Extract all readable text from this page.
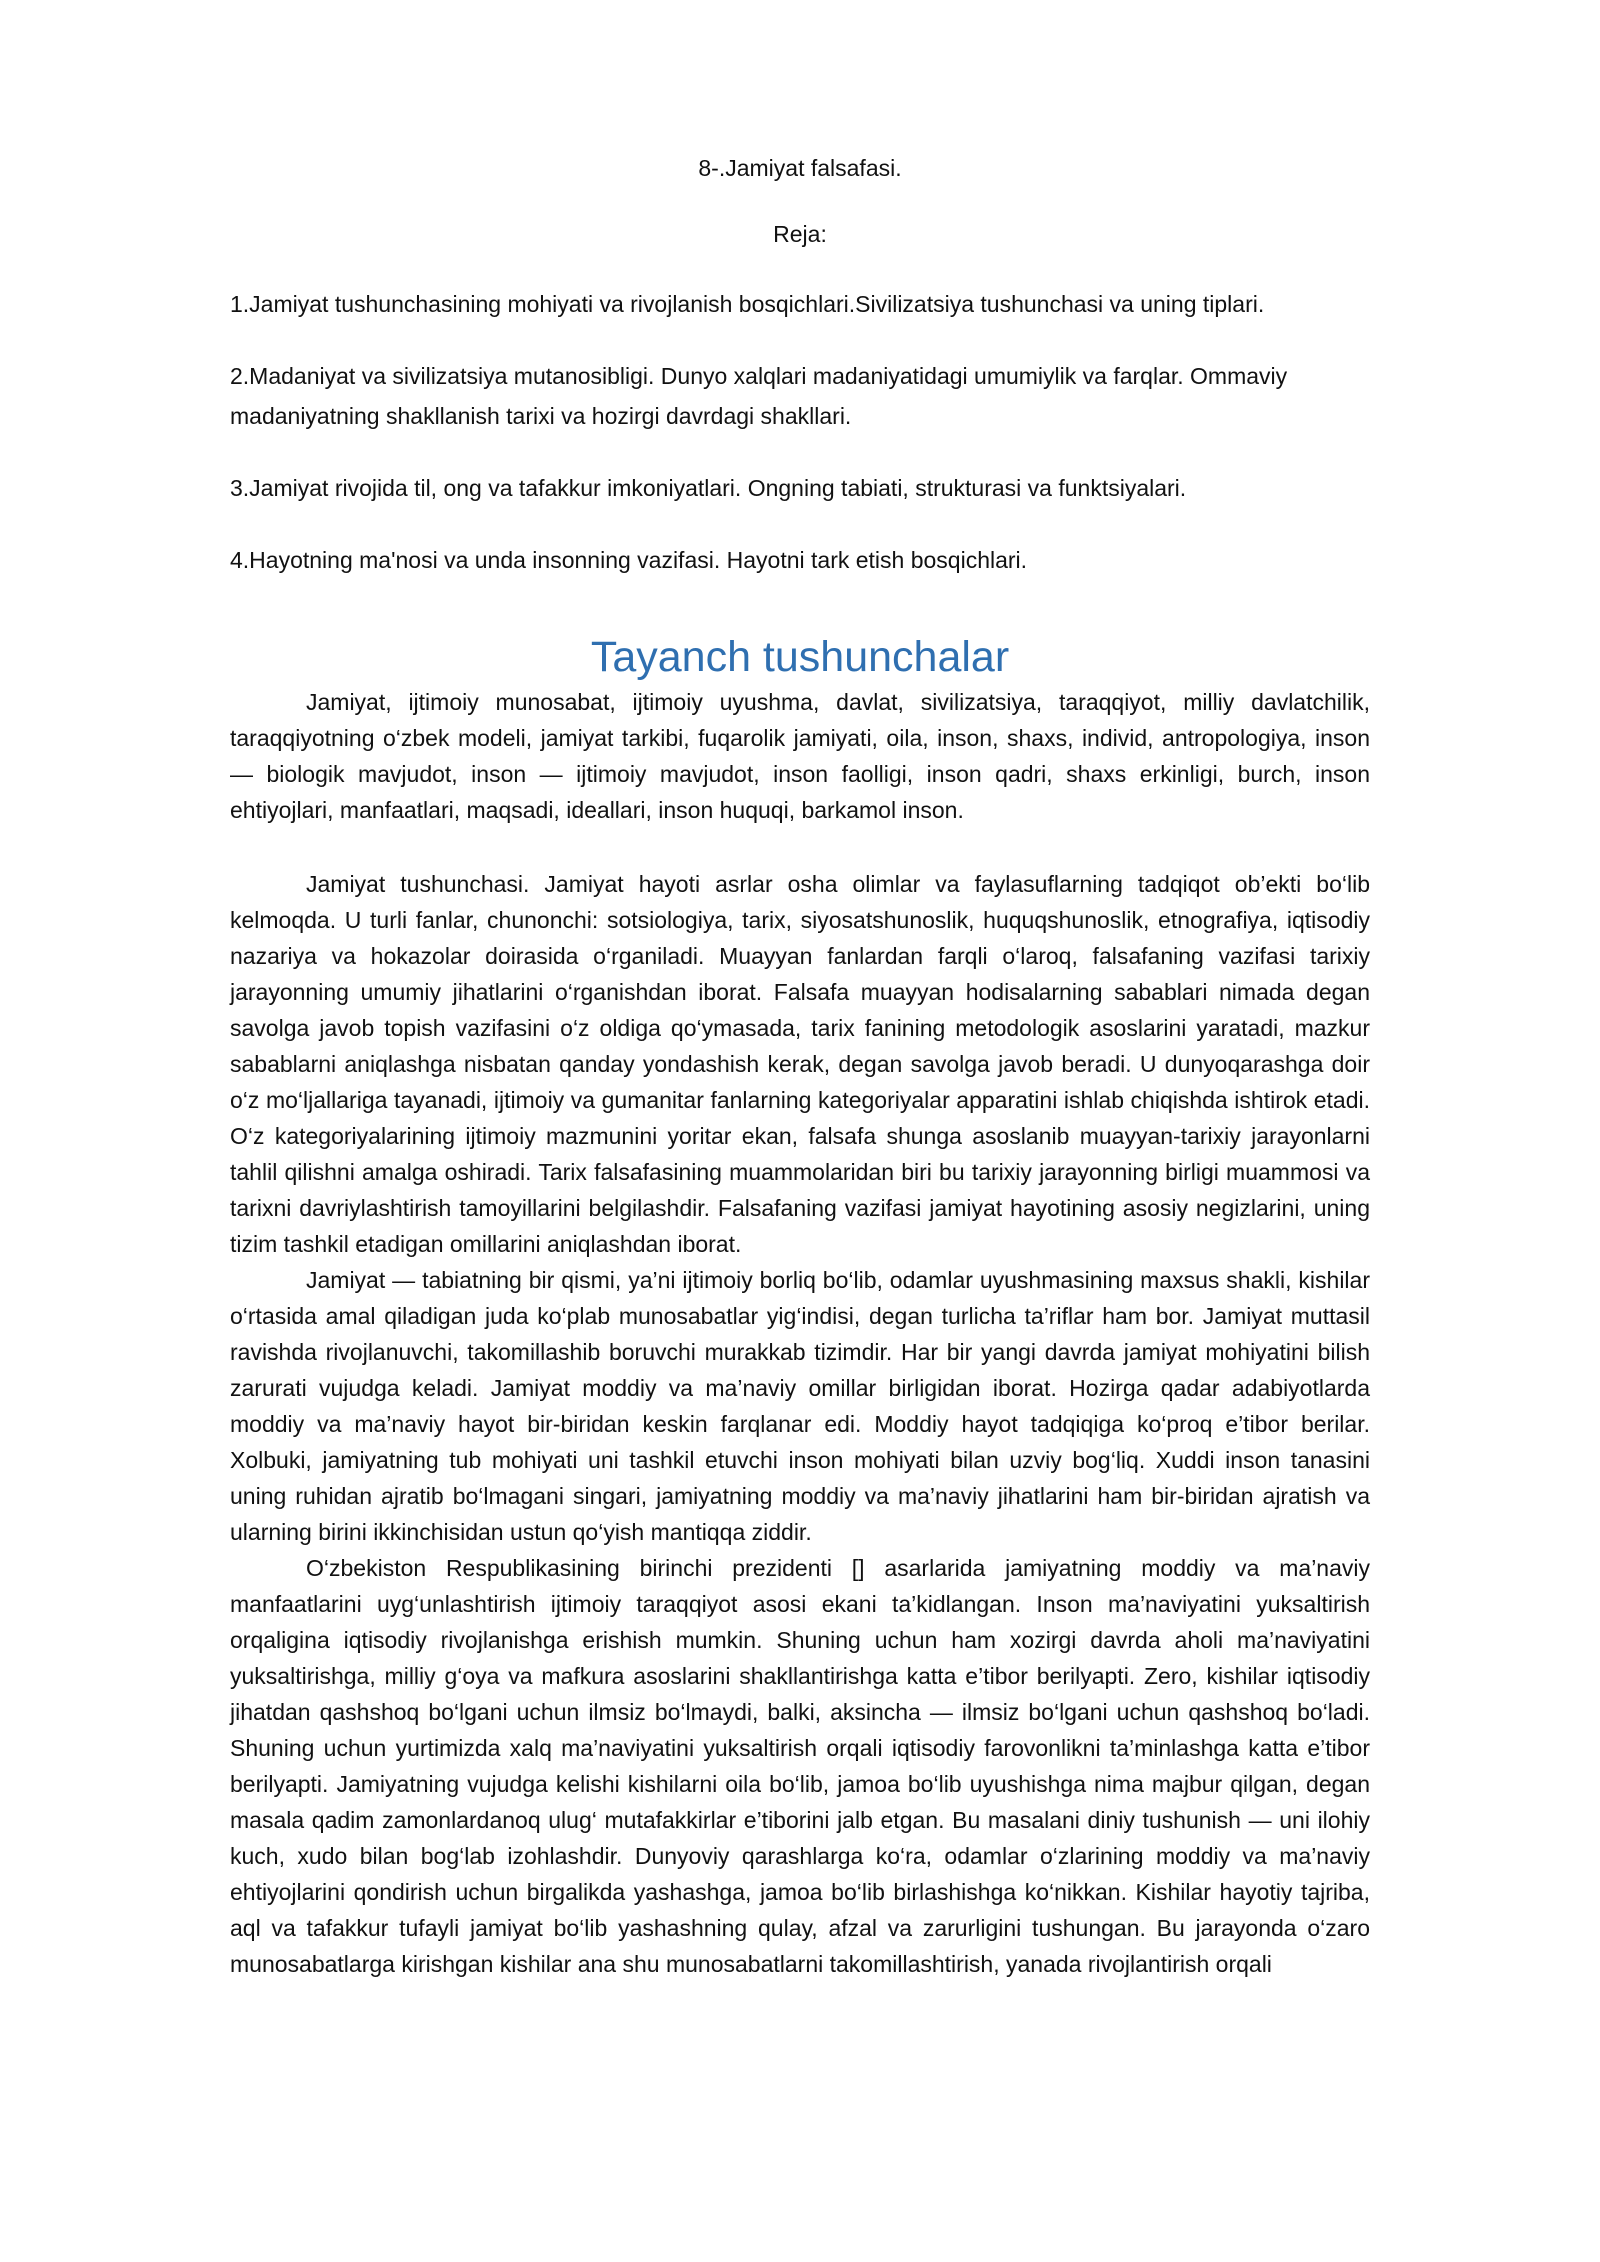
8-.Jamiyat falsafasi.
Reja:
1.Jamiyat tushunchasining mohiyati va rivojlanish bosqichlari.Sivilizatsiya tushunchasi va uning tiplari.
2.Madaniyat va sivilizatsiya mutanosibligi. Dunyo xalqlari madaniyatidagi umumiylik va farqlar. Ommaviy madaniyatning shakllanish tarixi va hozirgi davrdagi shakllari.
3.Jamiyat rivojida til, ong va tafakkur imkoniyatlari. Ongning tabiati, strukturasi va funktsiyalari.
4.Hayotning ma'nosi va unda insonning vazifasi. Hayotni tark etish bosqichlari.
Tayanch tushunchalar

Jamiyat, ijtimoiy munosabat, ijtimoiy uyushma, davlat, sivilizatsiya, taraqqiyot, milliy davlatchilik, taraqqiyotning o‘zbek modeli, jamiyat tarkibi, fuqarolik jamiyati, oila, inson, shaxs, individ, antropologiya, inson — biologik mavjudot, inson — ijtimoiy mavjudot, inson faolligi, inson qadri, shaxs erkinligi, burch, inson ehtiyojlari, manfaatlari, maqsadi, ideallari, inson huquqi, barkamol inson.

Jamiyat tushunchasi. Jamiyat hayoti asrlar osha olimlar va faylasuflarning tadqiqot ob’ekti bo‘lib kelmoqda. U turli fanlar, chunonchi: sotsiologiya, tarix, siyosatshunoslik, huquqshunoslik, etnografiya, iqtisodiy nazariya va hokazolar doirasida o‘rganiladi. Muayyan fanlardan farqli o‘laroq, falsafaning vazifasi tarixiy jarayonning umumiy jihatlarini o‘rganishdan iborat. Falsafa muayyan hodisalarning sabablari nimada degan savolga javob topish vazifasini o‘z oldiga qo‘ymasada, tarix fanining metodologik asoslarini yaratadi, mazkur sabablarni aniqlashga nisbatan qanday yondashish kerak, degan savolga javob beradi. U dunyoqarashga doir o‘z mo‘ljallariga tayanadi, ijtimoiy va gumanitar fanlarning kategoriyalar apparatini ishlab chiqishda ishtirok etadi. O‘z kategoriyalarining ijtimoiy mazmunini yoritar ekan, falsafa shunga asoslanib muayyan-tarixiy jarayonlarni tahlil qilishni amalga oshiradi. Tarix falsafasining muammolaridan biri bu tarixiy jarayonning birligi muammosi va tarixni davriylashtirish tamoyillarini belgilashdir. Falsafaning vazifasi jamiyat hayotining asosiy negizlarini, uning tizim tashkil etadigan omillarini aniqlashdan iborat.

Jamiyat — tabiatning bir qismi, ya’ni ijtimoiy borliq bo‘lib, odamlar uyushmasining maxsus shakli, kishilar o‘rtasida amal qiladigan juda ko‘plab munosabatlar yig‘indisi, degan turlicha ta’riflar ham bor. Jamiyat muttasil ravishda rivojlanuvchi, takomillashib boruvchi murakkab tizimdir. Har bir yangi davrda jamiyat mohiyatini bilish zarurati vujudga keladi. Jamiyat moddiy va ma’naviy omillar birligidan iborat. Hozirga qadar adabiyotlarda moddiy va ma’naviy hayot bir-biridan keskin farqlanar edi. Moddiy hayot tadqiqiga ko‘proq e’tibor berilar. Xolbuki, jamiyatning tub mohiyati uni tashkil etuvchi inson mohiyati bilan uzviy bog‘liq. Xuddi inson tanasini uning ruhidan ajratib bo‘lmagani singari, jamiyatning moddiy va ma’naviy jihatlarini ham bir-biridan ajratish va ularning birini ikkinchisidan ustun qo‘yish mantiqqa ziddir.

O‘zbekiston Respublikasining birinchi prezidenti [] asarlarida jamiyatning moddiy va ma’naviy manfaatlarini uyg‘unlashtirish ijtimoiy taraqqiyot asosi ekani ta’kidlangan. Inson ma’naviyatini yuksaltirish orqaligina iqtisodiy rivojlanishga erishish mumkin. Shuning uchun ham xozirgi davrda aholi ma’naviyatini yuksaltirishga, milliy g‘oya va mafkura asoslarini shakllantirishga katta e’tibor berilyapti. Zero, kishilar iqtisodiy jihatdan qashshoq bo‘lgani uchun ilmsiz bo‘lmaydi, balki, aksincha — ilmsiz bo‘lgani uchun qashshoq bo‘ladi. Shuning uchun yurtimizda xalq ma’naviyatini yuksaltirish orqali iqtisodiy farovonlikni ta’minlashga katta e’tibor berilyapti. Jamiyatning vujudga kelishi kishilarni oila bo‘lib, jamoa bo‘lib uyushishga nima majbur qilgan, degan masala qadim zamonlardanoq ulug‘ mutafakkirlar e’tiborini jalb etgan. Bu masalani diniy tushunish — uni ilohiy kuch, xudo bilan bog‘lab izohlashdir. Dunyoviy qarashlarga ko‘ra, odamlar o‘zlarining moddiy va ma’naviy ehtiyojlarini qondirish uchun birgalikda yashashga, jamoa bo‘lib birlashishga ko‘nikkan. Kishilar hayotiy tajriba, aql va tafakkur tufayli jamiyat bo‘lib yashashning qulay, afzal va zarurligini tushungan. Bu jarayonda o‘zaro munosabatlarga kirishgan kishilar ana shu munosabatlarni takomillashtirish, yanada rivojlantirish orqali
